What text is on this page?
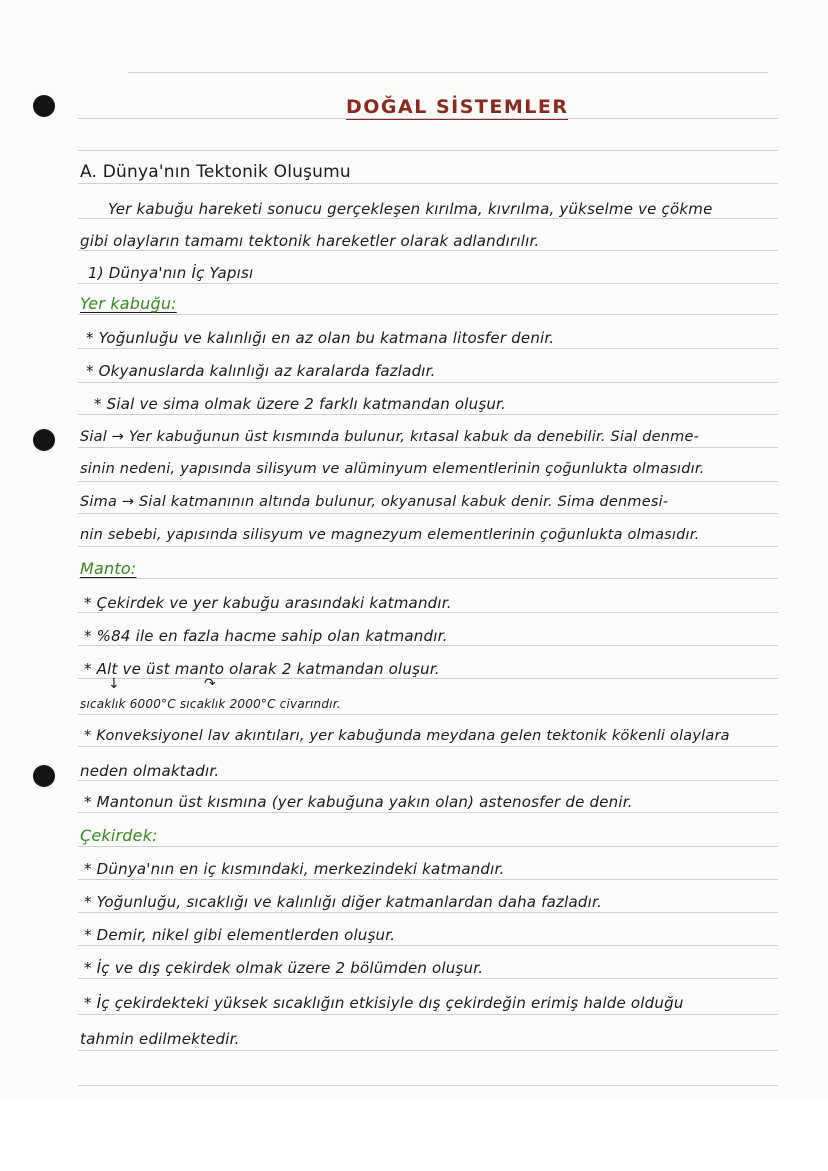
DOĞAL SİSTEMLER
A. Dünya'nın Tektonik Oluşumu
Yer kabuğu hareketi sonucu gerçekleşen kırılma, kıvrılma, yükselme ve çökme
gibi olayların tamamı tektonik hareketler olarak adlandırılır.
1) Dünya'nın İç Yapısı
Yer kabuğu:
* Yoğunluğu ve kalınlığı en az olan bu katmana litosfer denir.
* Okyanuslarda kalınlığı az karalarda fazladır.
* Sial ve sima olmak üzere 2 farklı katmandan oluşur.
Sial → Yer kabuğunun üst kısmında bulunur, kıtasal kabuk da denebilir. Sial denme-
sinin nedeni, yapısında silisyum ve alüminyum elementlerinin çoğunlukta olmasıdır.
Sima → Sial katmanının altında bulunur, okyanusal kabuk denir. Sima denmesi-
nin sebebi, yapısında silisyum ve magnezyum elementlerinin çoğunlukta olmasıdır.
Manto:
* Çekirdek ve yer kabuğu arasındaki katmandır.
* %84 ile en fazla hacme sahip olan katmandır.
* Alt ve üst manto olarak 2 katmandan oluşur.
↓	↷
sıcaklık 6000°C sıcaklık 2000°C civarındır.
* Konveksiyonel lav akıntıları, yer kabuğunda meydana gelen tektonik kökenli olaylara
neden olmaktadır.
* Mantonun üst kısmına (yer kabuğuna yakın olan) astenosfer de denir.
Çekirdek:
* Dünya'nın en iç kısmındaki, merkezindeki katmandır.
* Yoğunluğu, sıcaklığı ve kalınlığı diğer katmanlardan daha fazladır.
* Demir, nikel gibi elementlerden oluşur.
* İç ve dış çekirdek olmak üzere 2 bölümden oluşur.
* İç çekirdekteki yüksek sıcaklığın etkisiyle dış çekirdeğin erimiş halde olduğu
tahmin edilmektedir.
